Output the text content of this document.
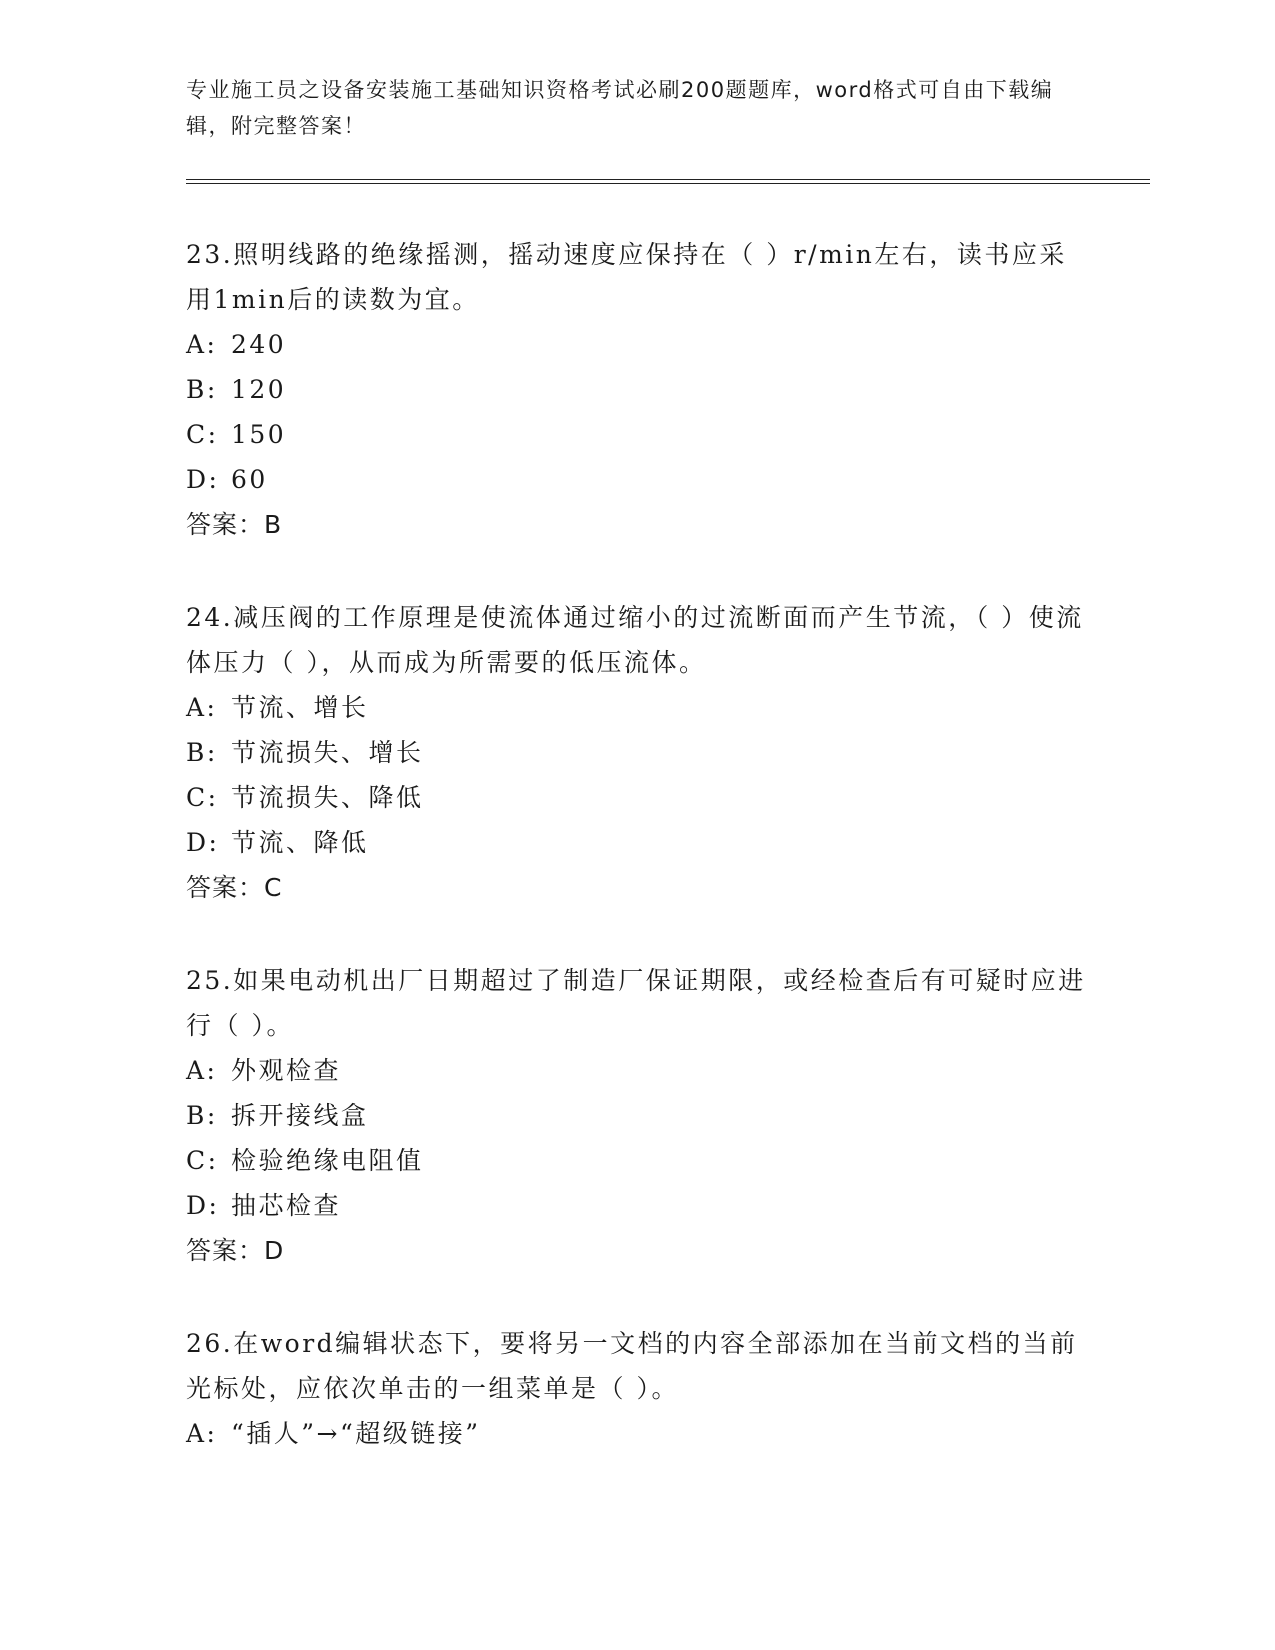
专业施工员之设备安装施工基础知识资格考试必刷200题题库，word格式可自由下载编辑，附完整答案！

23.照明线路的绝缘摇测，摇动速度应保持在（ ）r/min左右，读书应采用1min后的读数为宜。

A: 240

B: 120

C: 150

D: 60

答案：B

24.减压阀的工作原理是使流体通过缩小的过流断面而产生节流，（ ）使流体压力（ ），从而成为所需要的低压流体。

A: 节流、增长

B: 节流损失、增长

C: 节流损失、降低

D: 节流、降低

答案：C

25.如果电动机出厂日期超过了制造厂保证期限，或经检查后有可疑时应进行（ ）。

A: 外观检查

B: 拆开接线盒

C: 检验绝缘电阻值

D: 抽芯检查

答案：D

26.在word编辑状态下，要将另一文档的内容全部添加在当前文档的当前光标处，应依次单击的一组菜单是（ ）。

A: “插人”→“超级链接”
